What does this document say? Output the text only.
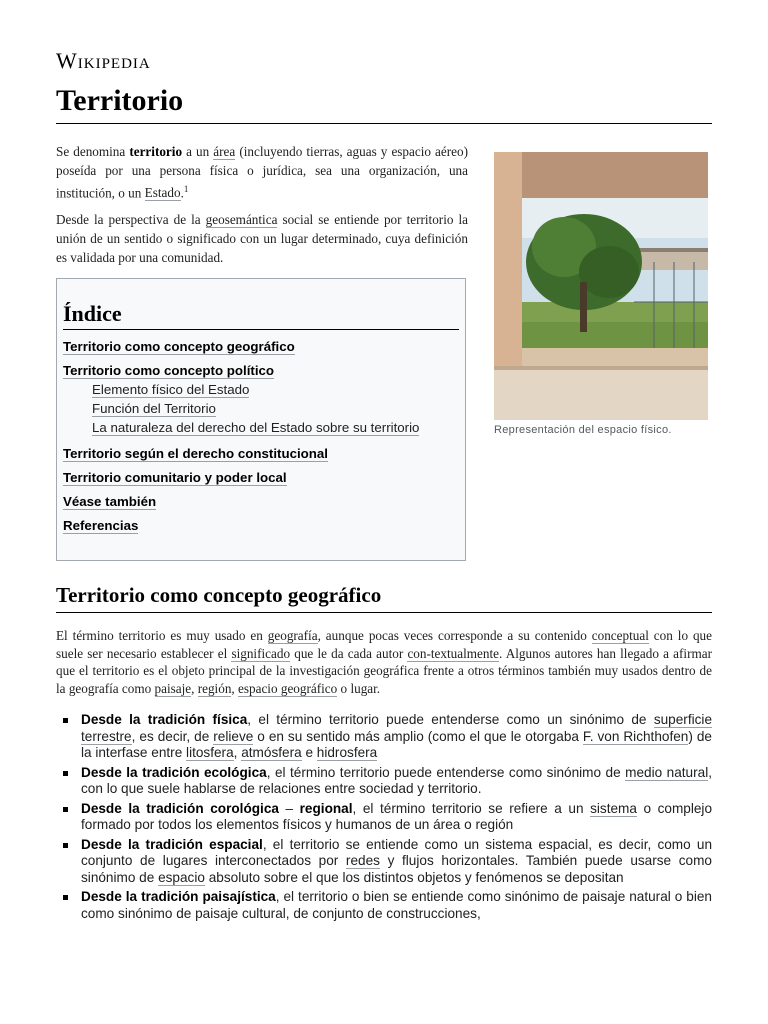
Wikipedia
Territorio

Se denomina territorio a un área (incluyendo tierras, aguas y espacio aéreo) poseída por una persona física o jurídica, sea una organización, una institución, o un Estado.$^1$

Desde la perspectiva de la geosemántica social se entiende por territorio la unión de un sentido o significado con un lugar determinado, cuya definición es validada por una comunidad.

Representación del espacio físico.
Índice
Territorio como concepto geográfico
Territorio como concepto político
Elemento físico del Estado
Función del Territorio
La naturaleza del derecho del Estado sobre su territorio
Territorio según el derecho constitucional
Territorio comunitario y poder local
Véase también
Referencias
Territorio como concepto geográfico

El término territorio es muy usado en geografía, aunque pocas veces corresponde a su contenido conceptual con lo que suele ser necesario establecer el significado que le da cada autor con-textualmente. Algunos autores han llegado a afirmar que el territorio es el objeto principal de la investigación geográfica frente a otros términos también muy usados dentro de la geografía como paisaje, región, espacio geográfico o lugar.

Desde la tradición física, el término territorio puede entenderse como un sinónimo de superficie terrestre, es decir, de relieve o en su sentido más amplio (como el que le otorgaba F. von Richthofen) de la interfase entre litosfera, atmósfera e hidrosfera
Desde la tradición ecológica, el término territorio puede entenderse como sinónimo de medio natural, con lo que suele hablarse de relaciones entre sociedad y territorio.
Desde la tradición corológica – regional, el término territorio se refiere a un sistema o complejo formado por todos los elementos físicos y humanos de un área o región
Desde la tradición espacial, el territorio se entiende como un sistema espacial, es decir, como un conjunto de lugares interconectados por redes y flujos horizontales. También puede usarse como sinónimo de espacio absoluto sobre el que los distintos objetos y fenómenos se depositan
Desde la tradición paisajística, el territorio o bien se entiende como sinónimo de paisaje natural o bien como sinónimo de paisaje cultural, de conjunto de construcciones,
